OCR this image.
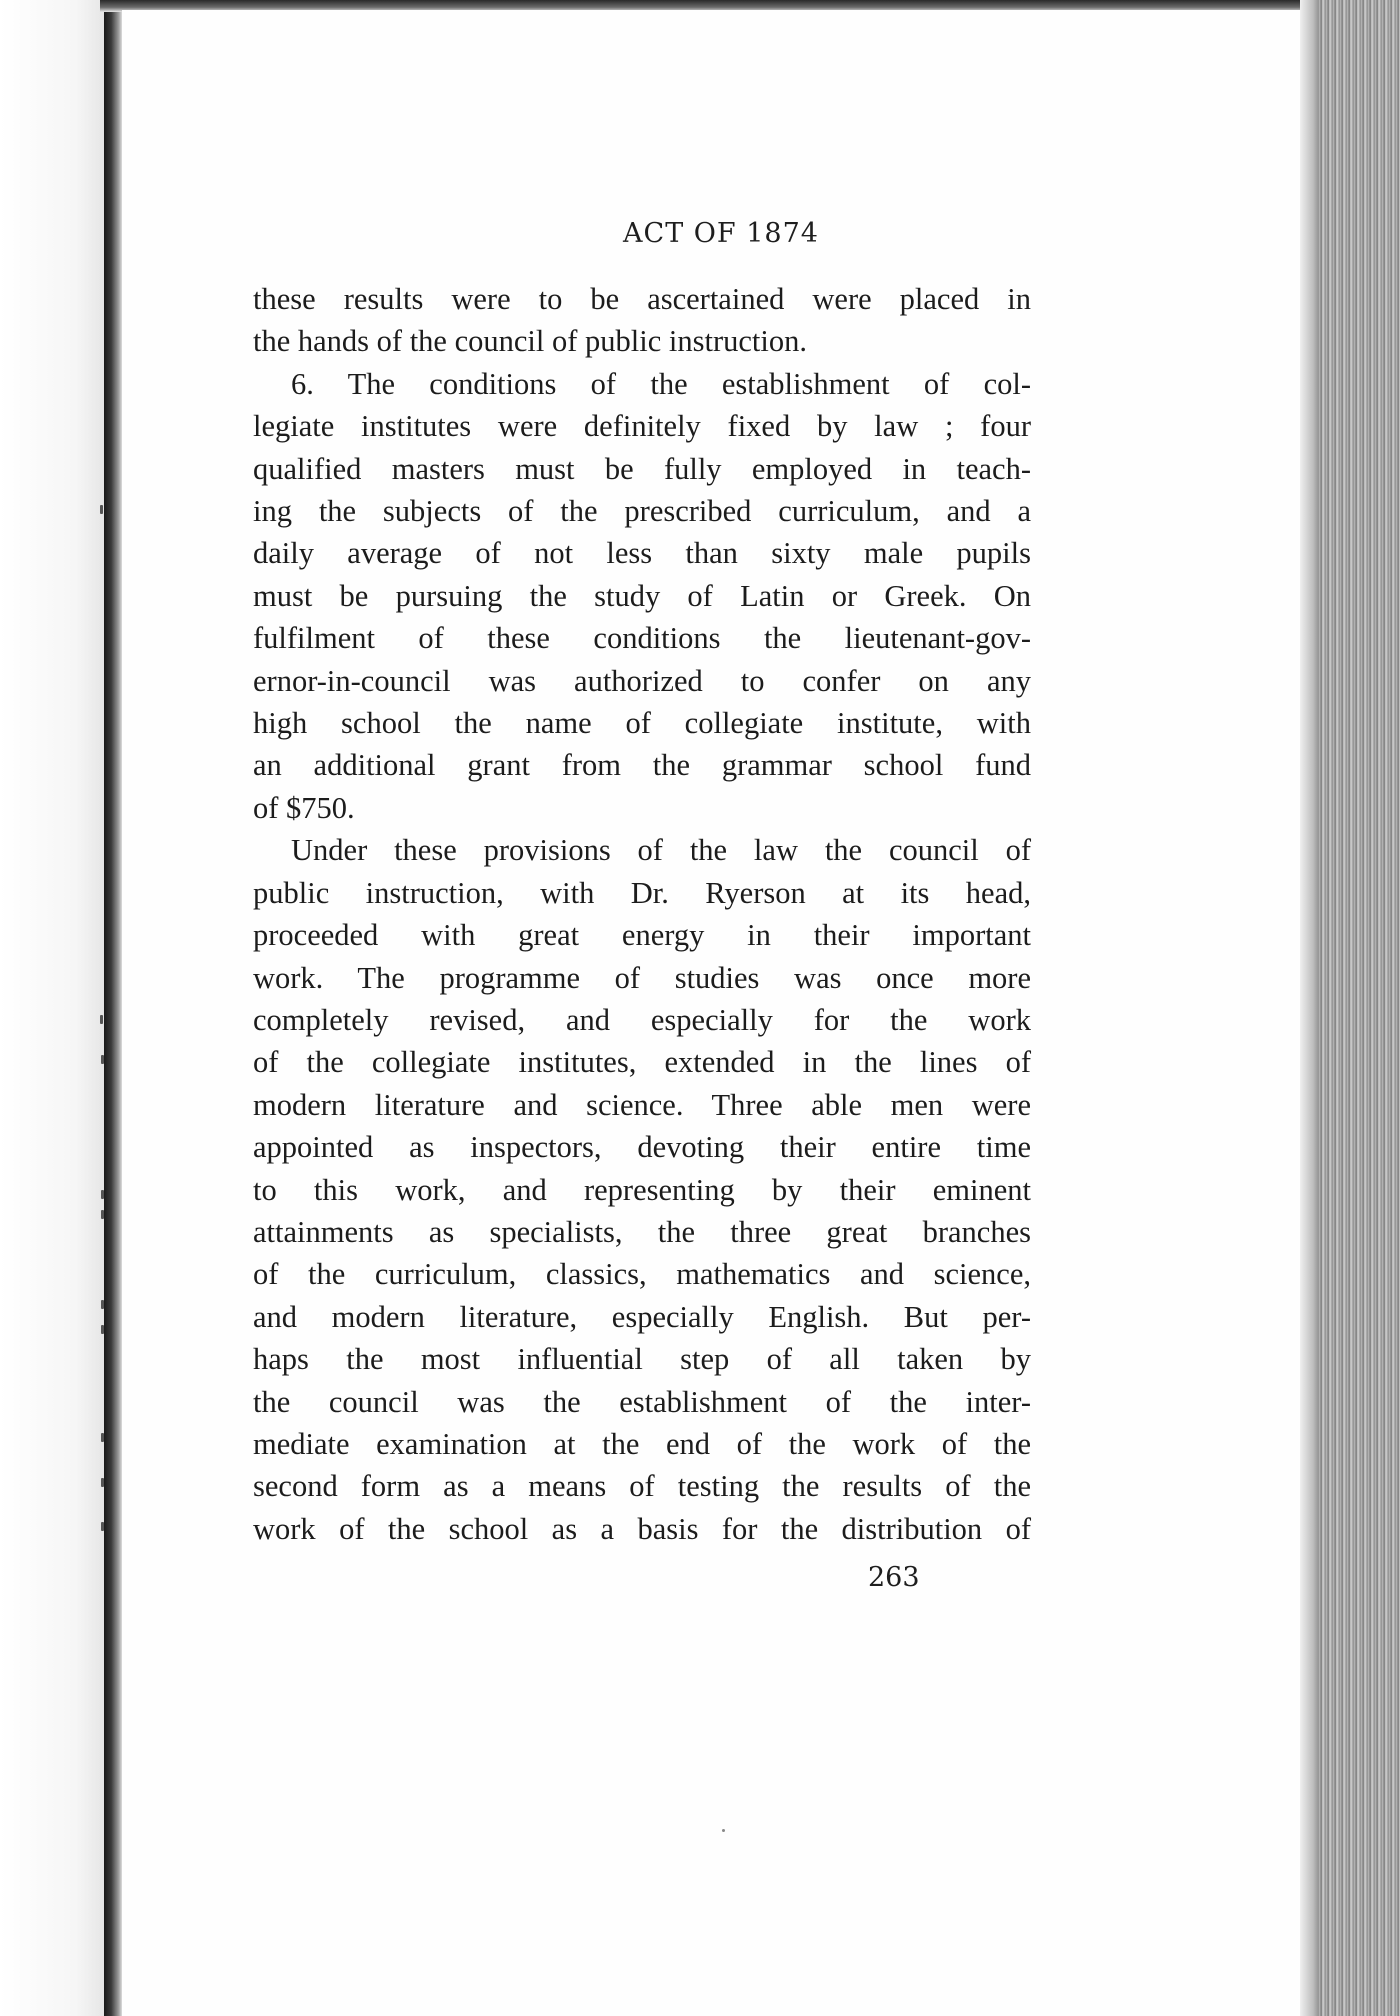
ACT OF 1874
these results were to be ascertained were placed in
the hands of the council of public instruction.
6. The conditions of the establishment of col-
legiate institutes were definitely fixed by law ; four
qualified masters must be fully employed in teach-
ing the subjects of the prescribed curriculum, and a
daily average of not less than sixty male pupils
must be pursuing the study of Latin or Greek. On
fulfilment of these conditions the lieutenant-gov-
ernor-in-council was authorized to confer on any
high school the name of collegiate institute, with
an additional grant from the grammar school fund
of $750.
Under these provisions of the law the council of
public instruction, with Dr. Ryerson at its head,
proceeded with great energy in their important
work. The programme of studies was once more
completely revised, and especially for the work
of the collegiate institutes, extended in the lines of
modern literature and science. Three able men were
appointed as inspectors, devoting their entire time
to this work, and representing by their eminent
attainments as specialists, the three great branches
of the curriculum, classics, mathematics and science,
and modern literature, especially English. But per-
haps the most influential step of all taken by
the council was the establishment of the inter-
mediate examination at the end of the work of the
second form as a means of testing the results of the
work of the school as a basis for the distribution of
263
